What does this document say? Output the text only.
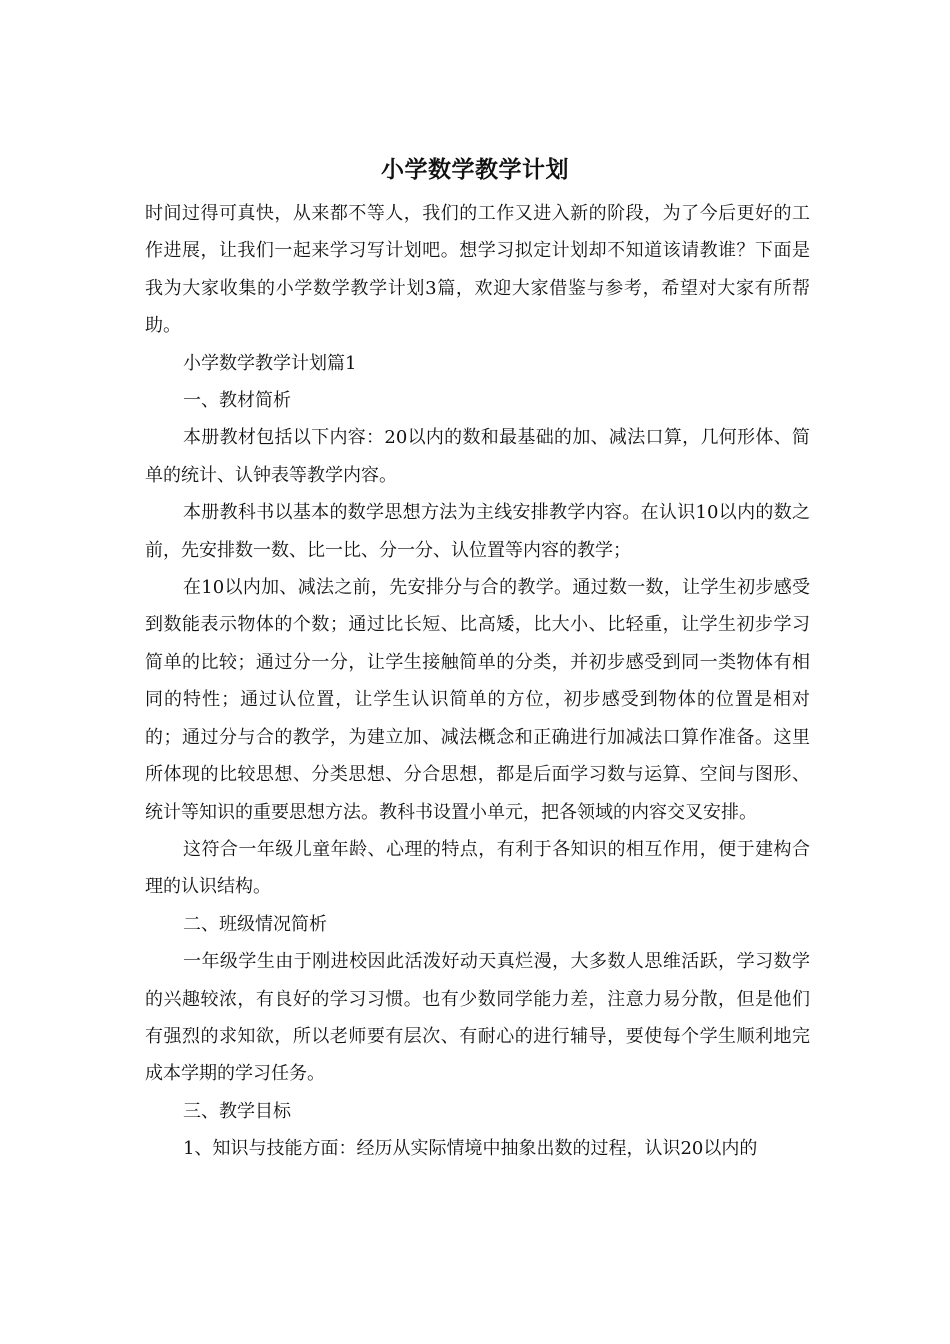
小学数学教学计划

时间过得可真快，从来都不等人，我们的工作又进入新的阶段，为了今后更好的工作进展，让我们一起来学习写计划吧。想学习拟定计划却不知道该请教谁？下面是我为大家收集的小学数学教学计划3篇，欢迎大家借鉴与参考，希望对大家有所帮助。

小学数学教学计划篇1

一、教材简析

本册教材包括以下内容：20以内的数和最基础的加、减法口算，几何形体、简单的统计、认钟表等教学内容。

本册教科书以基本的数学思想方法为主线安排教学内容。在认识10以内的数之前，先安排数一数、比一比、分一分、认位置等内容的教学；

在10以内加、减法之前，先安排分与合的教学。通过数一数，让学生初步感受到数能表示物体的个数；通过比长短、比高矮，比大小、比轻重，让学生初步学习简单的比较；通过分一分，让学生接触简单的分类，并初步感受到同一类物体有相同的特性；通过认位置，让学生认识简单的方位，初步感受到物体的位置是相对的；通过分与合的教学，为建立加、减法概念和正确进行加减法口算作准备。这里所体现的比较思想、分类思想、分合思想，都是后面学习数与运算、空间与图形、统计等知识的重要思想方法。教科书设置小单元，把各领域的内容交叉安排。

这符合一年级儿童年龄、心理的特点，有利于各知识的相互作用，便于建构合理的认识结构。

二、班级情况简析

一年级学生由于刚进校因此活泼好动天真烂漫，大多数人思维活跃，学习数学的兴趣较浓，有良好的学习习惯。也有少数同学能力差，注意力易分散，但是他们有强烈的求知欲，所以老师要有层次、有耐心的进行辅导，要使每个学生顺利地完成本学期的学习任务。

三、教学目标

1、知识与技能方面：经历从实际情境中抽象出数的过程，认识20以内的
